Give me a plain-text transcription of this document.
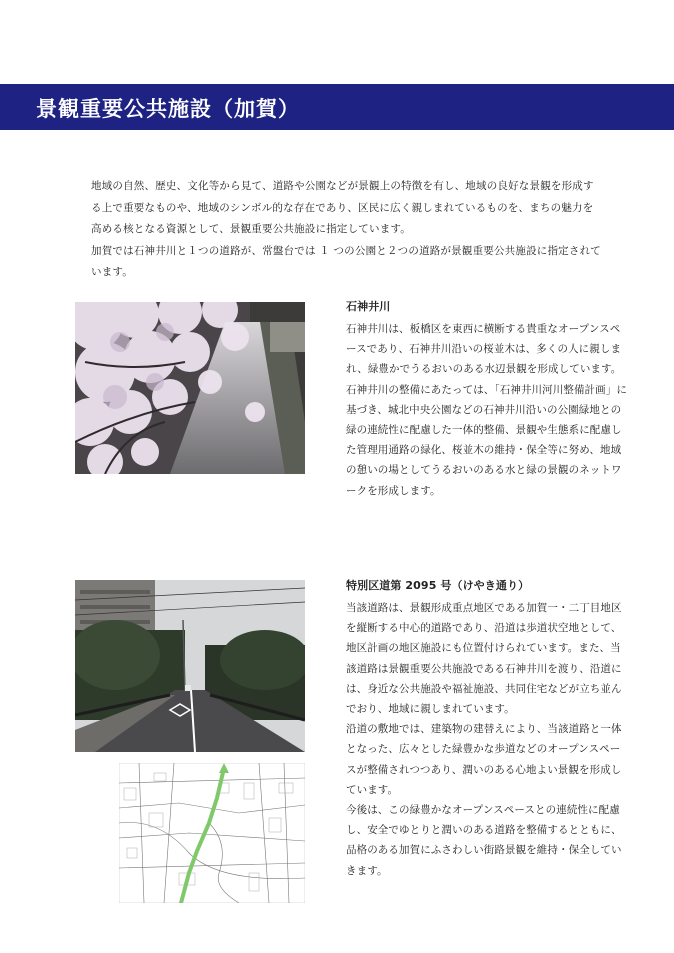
景観重要公共施設（加賀）

地域の自然、歴史、文化等から見て、道路や公園などが景観上の特徴を有し、地域の良好な景観を形成する上で重要なものや、地域のシンボル的な存在であり、区民に広く親しまれているものを、まちの魅力を高める核となる資源として、景観重要公共施設に指定しています。

加賀では石神井川と１つの道路が、常盤台では １ つの公園と２つの道路が景観重要公共施設に指定されています。

石神井川

石神井川は、板橋区を東西に横断する貴重なオープンスペースであり、石神井川沿いの桜並木は、多くの人に親しまれ、緑豊かでうるおいのある水辺景観を形成しています。

石神井川の整備にあたっては、「石神井川河川整備計画」に基づき、城北中央公園などの石神井川沿いの公園緑地との緑の連続性に配慮した一体的整備、景観や生態系に配慮した管理用通路の緑化、桜並木の維持・保全等に努め、地域の憩いの場としてうるおいのある水と緑の景観のネットワークを形成します。

特別区道第 2095 号（けやき通り）

当該道路は、景観形成重点地区である加賀一・二丁目地区を縦断する中心的道路であり、沿道は歩道状空地として、地区計画の地区施設にも位置付けられています。また、当該道路は景観重要公共施設である石神井川を渡り、沿道には、身近な公共施設や福祉施設、共同住宅などが立ち並んでおり、地域に親しまれています。

沿道の敷地では、建築物の建替えにより、当該道路と一体となった、広々とした緑豊かな歩道などのオープンスペースが整備されつつあり、潤いのある心地よい景観を形成しています。

今後は、この緑豊かなオープンスペースとの連続性に配慮し、安全でゆとりと潤いのある道路を整備するとともに、品格のある加賀にふさわしい街路景観を維持・保全していきます。
